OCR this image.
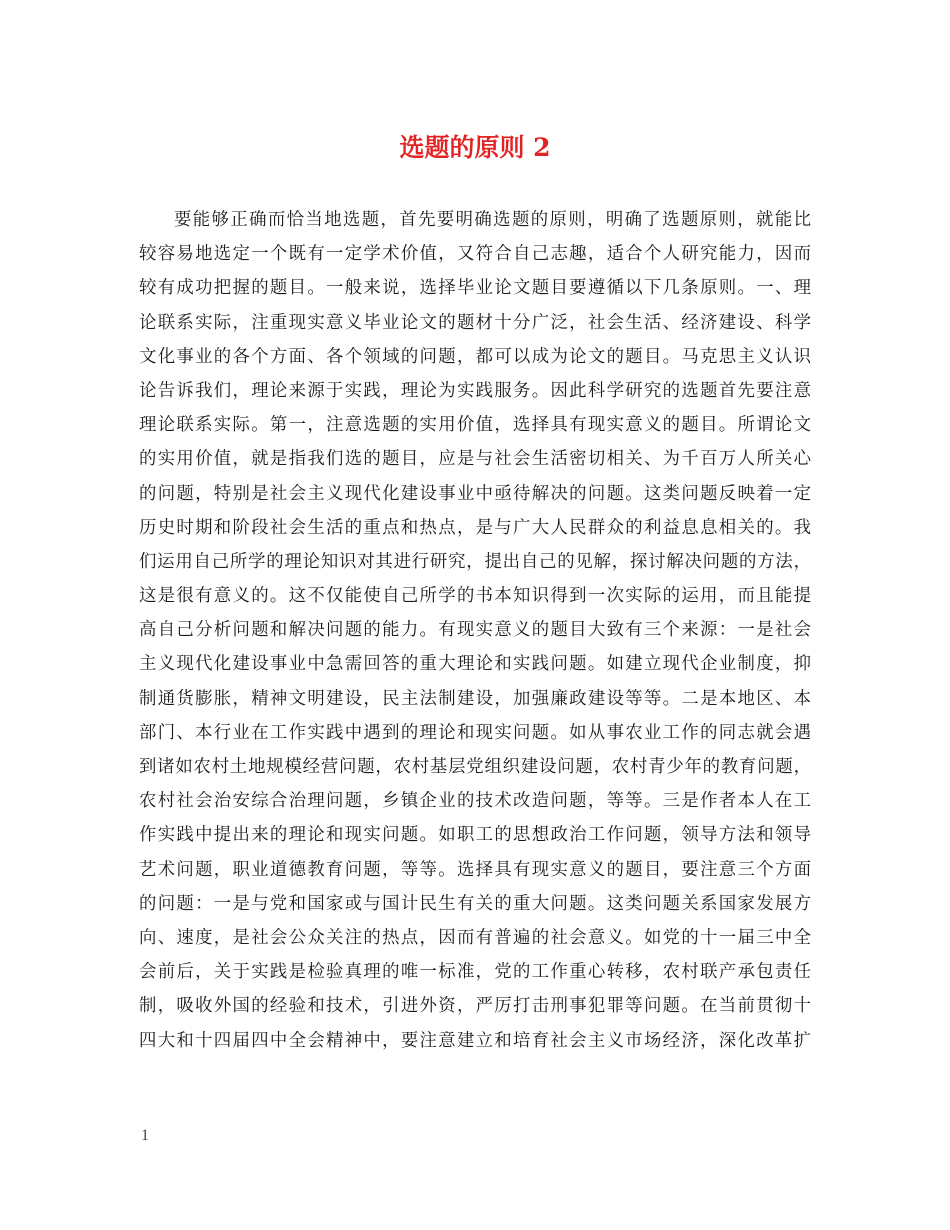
选题的原则 2
要能够正确而恰当地选题，首先要明确选题的原则，明确了选题原则，就能比
较容易地选定一个既有一定学术价值，又符合自己志趣，适合个人研究能力，因而
较有成功把握的题目。一般来说，选择毕业论文题目要遵循以下几条原则。一、理
论联系实际，注重现实意义毕业论文的题材十分广泛，社会生活、经济建设、科学
文化事业的各个方面、各个领域的问题，都可以成为论文的题目。马克思主义认识
论告诉我们，理论来源于实践，理论为实践服务。因此科学研究的选题首先要注意
理论联系实际。第一，注意选题的实用价值，选择具有现实意义的题目。所谓论文
的实用价值，就是指我们选的题目，应是与社会生活密切相关、为千百万人所关心
的问题，特别是社会主义现代化建设事业中亟待解决的问题。这类问题反映着一定
历史时期和阶段社会生活的重点和热点，是与广大人民群众的利益息息相关的。我
们运用自己所学的理论知识对其进行研究，提出自己的见解，探讨解决问题的方法，
这是很有意义的。这不仅能使自己所学的书本知识得到一次实际的运用，而且能提
高自己分析问题和解决问题的能力。有现实意义的题目大致有三个来源：一是社会
主义现代化建设事业中急需回答的重大理论和实践问题。如建立现代企业制度，抑
制通货膨胀，精神文明建设，民主法制建设，加强廉政建设等等。二是本地区、本
部门、本行业在工作实践中遇到的理论和现实问题。如从事农业工作的同志就会遇
到诸如农村土地规模经营问题，农村基层党组织建设问题，农村青少年的教育问题，
农村社会治安综合治理问题，乡镇企业的技术改造问题，等等。三是作者本人在工
作实践中提出来的理论和现实问题。如职工的思想政治工作问题，领导方法和领导
艺术问题，职业道德教育问题，等等。选择具有现实意义的题目，要注意三个方面
的问题：一是与党和国家或与国计民生有关的重大问题。这类问题关系国家发展方
向、速度，是社会公众关注的热点，因而有普遍的社会意义。如党的十一届三中全
会前后，关于实践是检验真理的唯一标准，党的工作重心转移，农村联产承包责任
制，吸收外国的经验和技术，引进外资，严厉打击刑事犯罪等问题。在当前贯彻十
四大和十四届四中全会精神中，要注意建立和培育社会主义市场经济，深化改革扩
1
